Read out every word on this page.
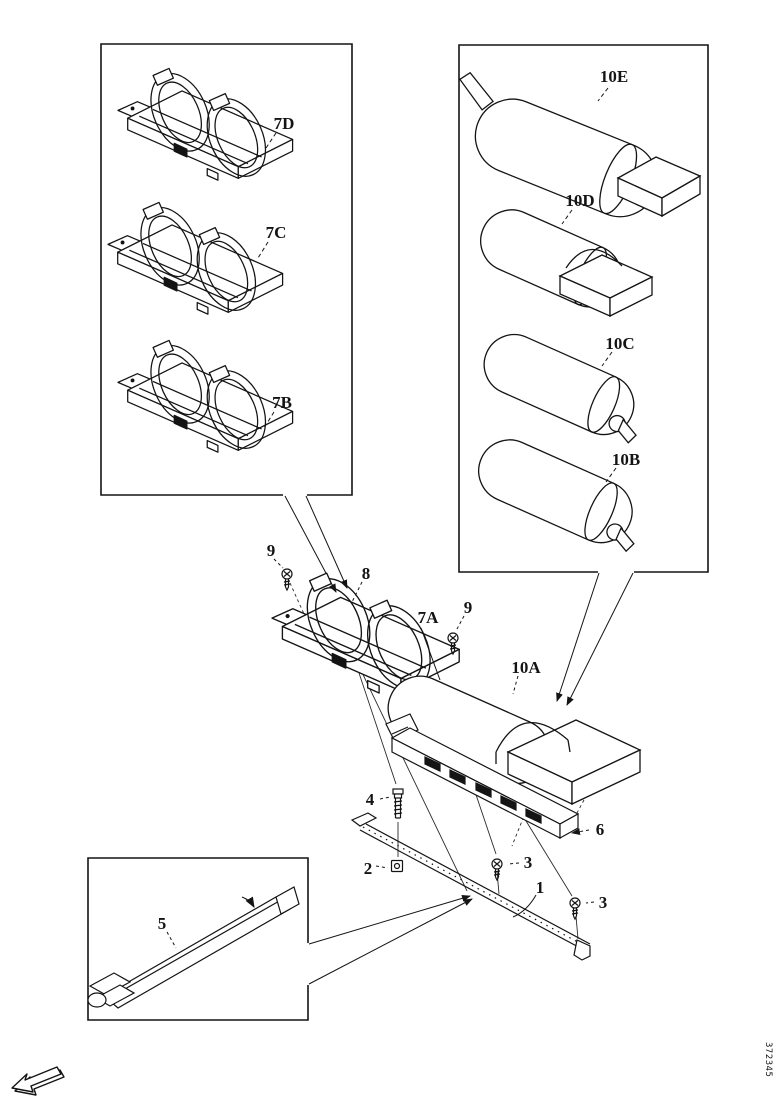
7D
7C
7B
10E
10D
10C
10B
9
8
9
7A
10A
6
4
2
1
3
3
5
372345
